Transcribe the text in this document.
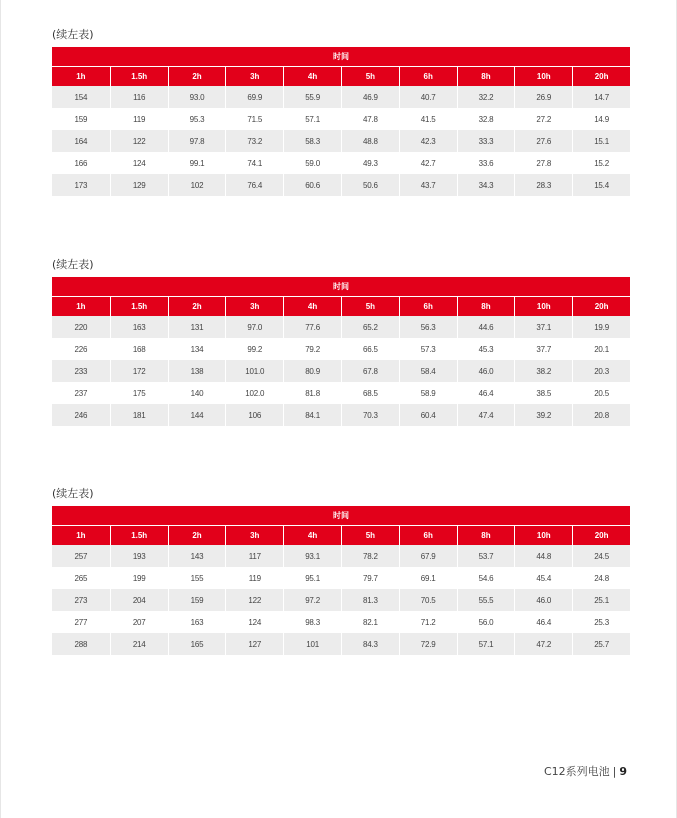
(续左表)
时间									
1h	1.5h	2h	3h	4h	5h	6h	8h	10h	20h
154	116	93.0	69.9	55.9	46.9	40.7	32.2	26.9	14.7
159	119	95.3	71.5	57.1	47.8	41.5	32.8	27.2	14.9
164	122	97.8	73.2	58.3	48.8	42.3	33.3	27.6	15.1
166	124	99.1	74.1	59.0	49.3	42.7	33.6	27.8	15.2
173	129	102	76.4	60.6	50.6	43.7	34.3	28.3	15.4
(续左表)
时间									
1h	1.5h	2h	3h	4h	5h	6h	8h	10h	20h
220	163	131	97.0	77.6	65.2	56.3	44.6	37.1	19.9
226	168	134	99.2	79.2	66.5	57.3	45.3	37.7	20.1
233	172	138	101.0	80.9	67.8	58.4	46.0	38.2	20.3
237	175	140	102.0	81.8	68.5	58.9	46.4	38.5	20.5
246	181	144	106	84.1	70.3	60.4	47.4	39.2	20.8
(续左表)
时间									
1h	1.5h	2h	3h	4h	5h	6h	8h	10h	20h
257	193	143	117	93.1	78.2	67.9	53.7	44.8	24.5
265	199	155	119	95.1	79.7	69.1	54.6	45.4	24.8
273	204	159	122	97.2	81.3	70.5	55.5	46.0	25.1
277	207	163	124	98.3	82.1	71.2	56.0	46.4	25.3
288	214	165	127	101	84.3	72.9	57.1	47.2	25.7
C12系列电池 | 9
